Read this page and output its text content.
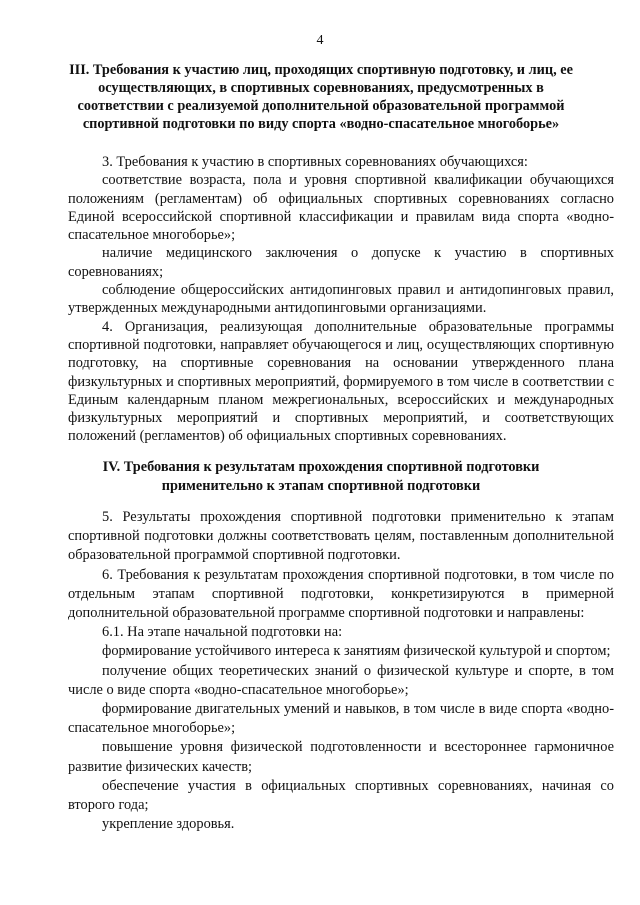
4
III. Требования к участию лиц, проходящих спортивную подготовку, и лиц, ее осуществляющих, в спортивных соревнованиях, предусмотренных в соответствии с реализуемой дополнительной образовательной программой спортивной подготовки по виду спорта «водно-спасательное многоборье»

3. Требования к участию в спортивных соревнованиях обучающихся:

соответствие возраста, пола и уровня спортивной квалификации обучающихся положениям (регламентам) об официальных спортивных соревнованиях согласно Единой всероссийской спортивной классификации и правилам вида спорта «водно-спасательное многоборье»;

наличие медицинского заключения о допуске к участию в спортивных соревнованиях;

соблюдение общероссийских антидопинговых правил и антидопинговых правил, утвержденных международными антидопинговыми организациями.

4. Организация, реализующая дополнительные образовательные программы спортивной подготовки, направляет обучающегося и лиц, осуществляющих спортивную подготовку, на спортивные соревнования на основании утвержденного плана физкультурных и спортивных мероприятий, формируемого в том числе в соответствии с Единым календарным планом межрегиональных, всероссийских и международных физкультурных мероприятий и спортивных мероприятий, и соответствующих положений (регламентов) об официальных спортивных соревнованиях.

IV. Требования к результатам прохождения спортивной подготовки применительно к этапам спортивной подготовки

5. Результаты прохождения спортивной подготовки применительно к этапам спортивной подготовки должны соответствовать целям, поставленным дополнительной образовательной программой спортивной подготовки.

6. Требования к результатам прохождения спортивной подготовки, в том числе по отдельным этапам спортивной подготовки, конкретизируются в примерной дополнительной образовательной программе спортивной подготовки и направлены:

6.1. На этапе начальной подготовки на:

формирование устойчивого интереса к занятиям физической культурой и спортом;

получение общих теоретических знаний о физической культуре и спорте, в том числе о виде спорта «водно-спасательное многоборье»;

формирование двигательных умений и навыков, в том числе в виде спорта «водно-спасательное многоборье»;

повышение уровня физической подготовленности и всестороннее гармоничное развитие физических качеств;

обеспечение участия в официальных спортивных соревнованиях, начиная со второго года;

укрепление здоровья.
